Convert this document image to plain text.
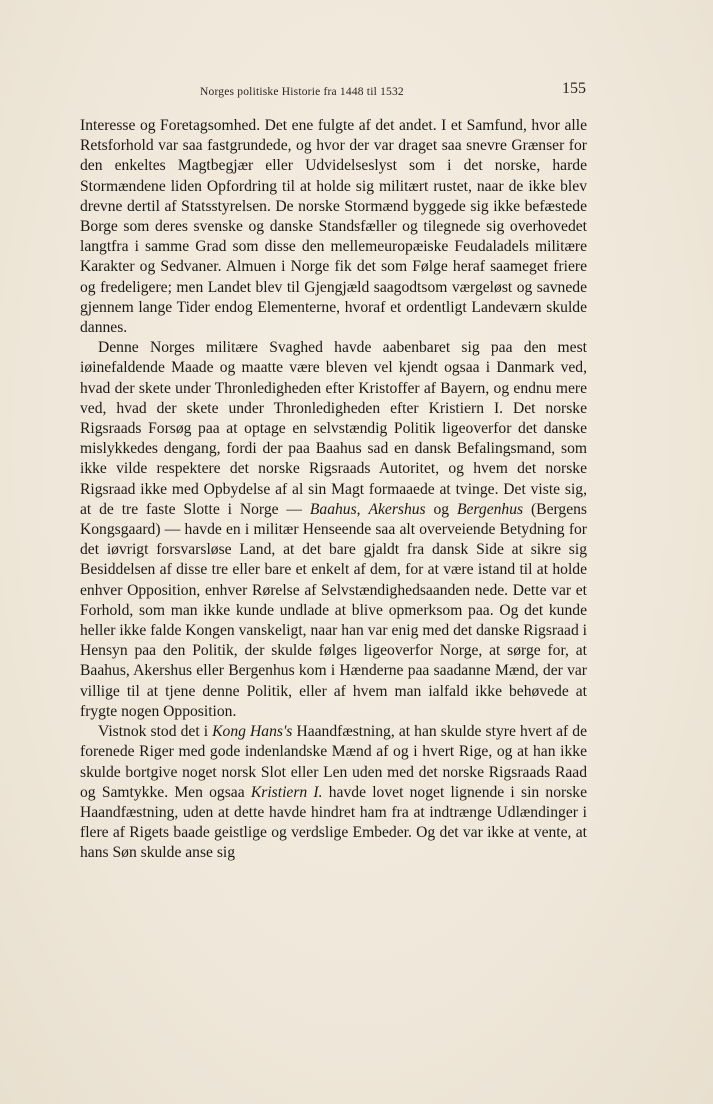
Norges politiske Historie fra 1448 til 1532	155

Interesse og Foretagsomhed. Det ene fulgte af det andet. I et Samfund, hvor alle Retsforhold var saa fastgrundede, og hvor der var draget saa snevre Grænser for den enkeltes Magtbegjær eller Udvidelseslyst som i det norske, harde Stormændene liden Opfordring til at holde sig militært rustet, naar de ikke blev drevne dertil af Statsstyrelsen. De norske Stormænd byggede sig ikke befæstede Borge som deres svenske og danske Standsfæller og tilegnede sig overhovedet langtfra i samme Grad som disse den mellemeuropæiske Feudaladels militære Karakter og Sedvaner. Almuen i Norge fik det som Følge heraf saameget friere og fredeligere; men Landet blev til Gjengjæld saagodtsom værgeløst og savnede gjennem lange Tider endog Elementerne, hvoraf et ordentligt Landeværn skulde dannes.

Denne Norges militære Svaghed havde aabenbaret sig paa den mest iøinefaldende Maade og maatte være bleven vel kjendt ogsaa i Danmark ved, hvad der skete under Thronledigheden efter Kristoffer af Bayern, og endnu mere ved, hvad der skete under Thronledigheden efter Kristiern I. Det norske Rigsraads Forsøg paa at optage en selvstændig Politik ligeoverfor det danske mislykkedes dengang, fordi der paa Baahus sad en dansk Befalingsmand, som ikke vilde respektere det norske Rigsraads Autoritet, og hvem det norske Rigsraad ikke med Opbydelse af al sin Magt formaaede at tvinge. Det viste sig, at de tre faste Slotte i Norge — Baahus, Akershus og Bergenhus (Bergens Kongsgaard) — havde en i militær Henseende saa alt overveiende Betydning for det iøvrigt forsvarsløse Land, at det bare gjaldt fra dansk Side at sikre sig Besiddelsen af disse tre eller bare et enkelt af dem, for at være istand til at holde enhver Opposition, enhver Rørelse af Selvstændighedsaanden nede. Dette var et Forhold, som man ikke kunde undlade at blive opmerksom paa. Og det kunde heller ikke falde Kongen vanskeligt, naar han var enig med det danske Rigsraad i Hensyn paa den Politik, der skulde følges ligeoverfor Norge, at sørge for, at Baahus, Akershus eller Bergenhus kom i Hænderne paa saadanne Mænd, der var villige til at tjene denne Politik, eller af hvem man ialfald ikke behøvede at frygte nogen Opposition.

Vistnok stod det i Kong Hans's Haandfæstning, at han skulde styre hvert af de forenede Riger med gode indenlandske Mænd af og i hvert Rige, og at han ikke skulde bortgive noget norsk Slot eller Len uden med det norske Rigsraads Raad og Samtykke. Men ogsaa Kristiern I. havde lovet noget lignende i sin norske Haandfæstning, uden at dette havde hindret ham fra at indtrænge Udlændinger i flere af Rigets baade geistlige og verdslige Embeder. Og det var ikke at vente, at hans Søn skulde anse sig
